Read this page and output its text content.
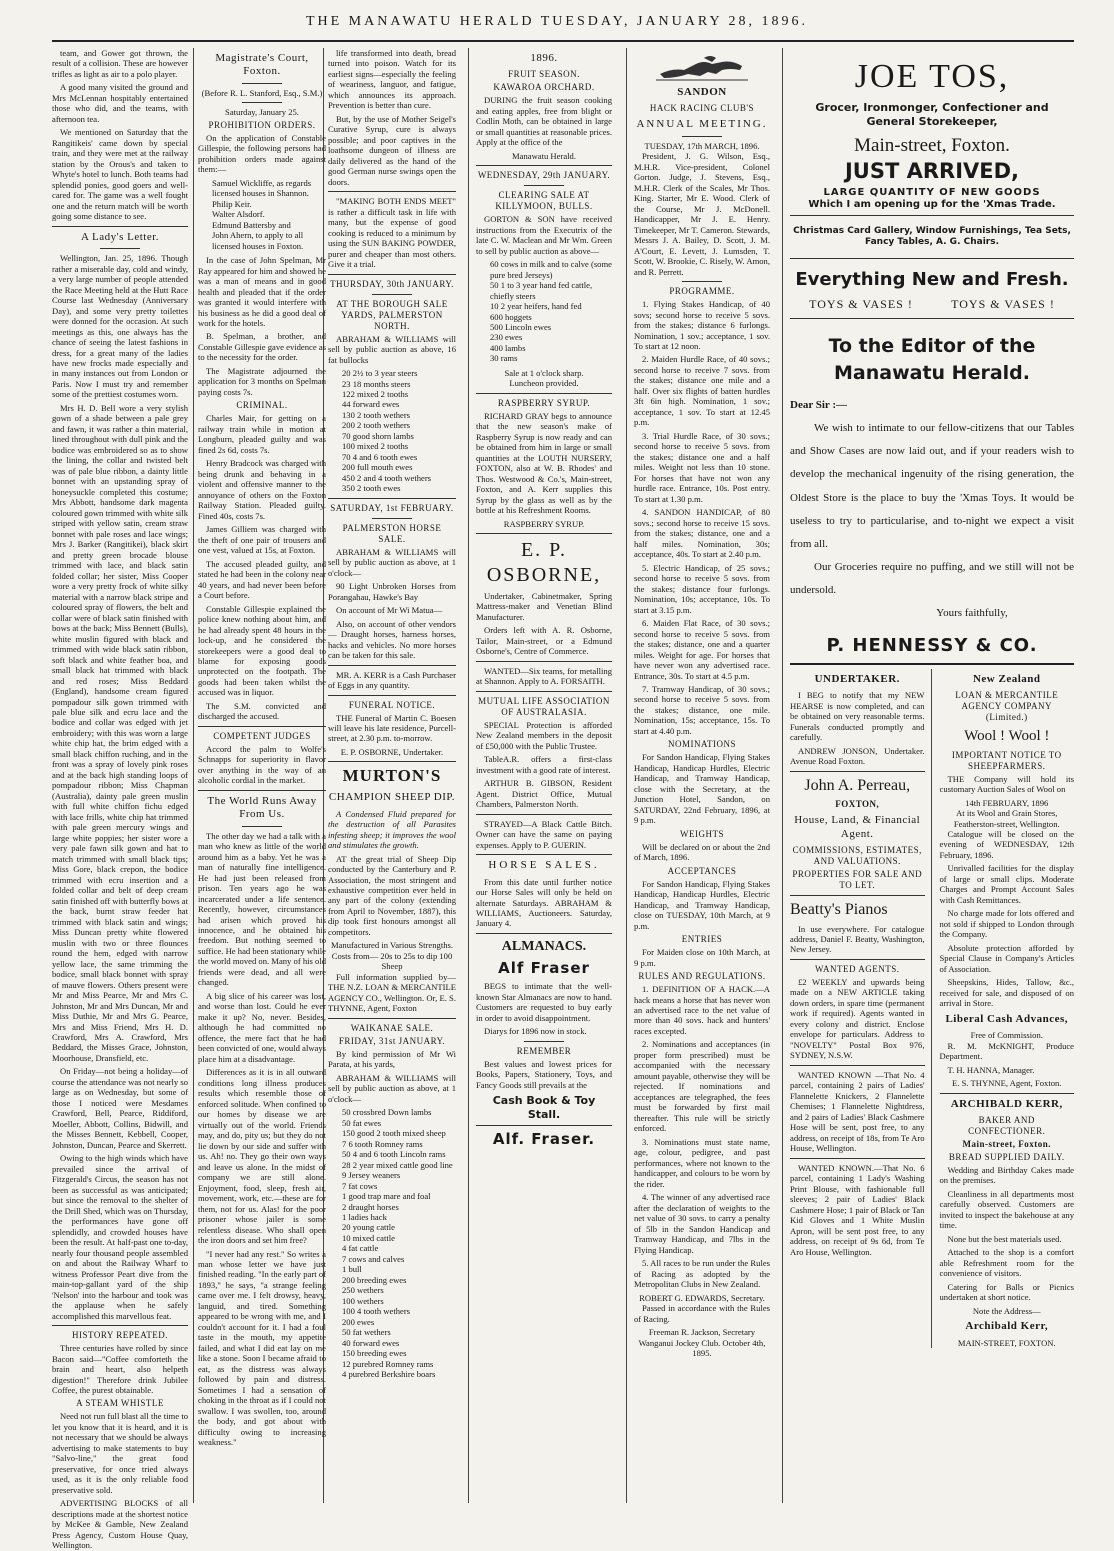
THE MANAWATU HERALD TUESDAY, JANUARY 28, 1896.

team, and Gower got thrown, the result of a collision. These are however trifles as light as air to a polo player.

A good many visited the ground and Mrs McLennan hospitably entertained those who did, and the teams, with afternoon tea.

We mentioned on Saturday that the Rangitikeis' came down by special train, and they were met at the railway station by the Orous's and taken to Whyte's hotel to lunch. Both teams had splendid ponies, good goers and well-cared for. The game was a well fought one and the return match will be worth going some distance to see.

A Lady's Letter.

Wellington, Jan. 25, 1896. Though rather a miserable day, cold and windy, a very large number of people attended the Race Meeting held at the Hutt Race Course last Wednesday (Anniversary Day), and some very pretty toilettes were donned for the occasion. At such meetings as this, one always has the chance of seeing the latest fashions in dress, for a great many of the ladies have new frocks made especially and in many instances out from London or Paris. Now I must try and remember some of the prettiest costumes worn.

Mrs H. D. Bell wore a very stylish gown of a shade between a pale grey and fawn, it was rather a thin material, lined throughout with dull pink and the bodice was embroidered so as to show the lining, the collar and twisted belt was of pale blue ribbon, a dainty little bonnet with an upstanding spray of honeysuckle completed this costume; Mrs Abbott, handsome dark magenta coloured gown trimmed with white silk striped with yellow satin, cream straw bonnet with pale roses and lace wings; Mrs J. Barker (Rangitikei), black skirt and pretty green brocade blouse trimmed with lace, and black satin folded collar; her sister, Miss Cooper wore a very pretty frock of white silky material with a narrow black stripe and coloured spray of flowers, the belt and collar were of black satin finished with bows at the back; Miss Bennett (Bulls), white muslin figured with black and trimmed with wide black satin ribbon, soft black and white feather boa, and small black hat trimmed with black and red roses; Miss Beddard (England), handsome cream figured pompadour silk gown trimmed with pale blue silk and ecru lace and the bodice and collar was edged with jet embroidery; with this was worn a large white chip hat, the brim edged with a small black chiffon ruching, and in the front was a spray of lovely pink roses and at the back high standing loops of pompadour ribbon; Miss Chapman (Australia), dainty pale green muslin with full white chiffon fichu edged with lace frills, white chip hat trimmed with pale green mercury wings and large white poppies; her sister wore a very pale fawn silk gown and hat to match trimmed with small black tips; Miss Gore, black crepon, the bodice trimmed with ecru insertion and a folded collar and belt of deep cream satin finished off with butterfly bows at the back, burnt straw feeder hat trimmed with black satin and wings; Miss Duncan pretty white flowered muslin with two or three flounces round the hem, edged with narrow yellow lace, the same trimming the bodice, small black bonnet with spray of mauve flowers. Others present were Mr and Miss Pearce, Mr and Mrs C. Johnston, Mr and Mrs Duncan, Mr and Miss Duthie, Mr and Mrs G. Pearce, Mrs and Miss Friend, Mrs H. D. Crawford, Mrs A. Crawford, Mrs Beddard, the Misses Grace, Johnston, Moorhouse, Dransfield, etc.

On Friday—not being a holiday—of course the attendance was not nearly so large as on Wednesday, but some of those I noticed were Mesdames Crawford, Bell, Pearce, Riddiford, Moeller, Abbott, Collins, Bidwill, and the Misses Bennett, Kebbell, Cooper, Johnston, Duncan, Pearce and Skerrett.

Owing to the high winds which have prevailed since the arrival of Fitzgerald's Circus, the season has not been as successful as was anticipated; but since the removal to the shelter of the Drill Shed, which was on Thursday, the performances have gone off splendidly, and crowded houses have been the result. At half-past one to-day, nearly four thousand people assembled on and about the Railway Wharf to witness Professor Peart dive from the main-top-gallant yard of the ship 'Nelson' into the harbour and took was the applause when he safely accomplished this marvellous feat.

HISTORY REPEATED.

Three centuries have rolled by since Bacon said—"Coffee comforteth the brain and heart, also helpeth digestion!" Therefore drink Jubilee Coffee, the purest obtainable.

A STEAM WHISTLE

Need not run full blast all the time to let you know that it is heard, and it is not necessary that we should be always advertising to make statements to buy "Salvo-line," the great food preservative, for once tried always used, as it is the only reliable food preservative sold.

ADVERTISING BLOCKS of all descriptions made at the shortest notice by McKee & Gamble, New Zealand Press Agency, Custom House Quay, Wellington.

Magistrate's Court, Foxton.
(Before R. L. Stanford, Esq., S.M.)
Saturday, January 25.
PROHIBITION ORDERS.

On the application of Constable Gillespie, the following persons had prohibition orders made against them:—

Samuel Wickliffe, as regards licensed houses in Shannon.
Philip Keir.
Walter Alsdorf.
Edmund Battersby and
John Ahern, to apply to all licensed houses in Foxton.

In the case of John Spelman, Mr Ray appeared for him and showed he was a man of means and in good health and pleaded that if the order was granted it would interfere with his business as he did a good deal of work for the hotels.

B. Spelman, a brother, and Constable Gillespie gave evidence as to the necessity for the order.

The Magistrate adjourned the application for 3 months on Spelman paying costs 7s.

CRIMINAL.

Charles Mair, for getting on a railway train while in motion at Longburn, pleaded guilty and was fined 2s 6d, costs 7s.

Henry Bradcock was charged with being drunk and behaving in a violent and offensive manner to the annoyance of others on the Foxton Railway Station. Pleaded guilty. Fined 40s, costs 7s.

James Gilliem was charged with the theft of one pair of trousers and one vest, valued at 15s, at Foxton.

The accused pleaded guilty, and stated he had been in the colony near 40 years, and had never been before a Court before.

Constable Gillespie explained the police knew nothing about him, and he had already spent 48 hours in the lock-up, and he considered the storekeepers were a good deal to blame for exposing goods unprotected on the footpath. The goods had been taken whilst the accused was in liquor.

The S.M. convicted and discharged the accused.

COMPETENT JUDGES

Accord the palm to Wolfe's Schnapps for superiority in flavor over anything in the way of an alcoholic cordial in the market.

The World Runs Away From Us.

The other day we had a talk with a man who knew as little of the world around him as a baby. Yet he was a man of naturally fine intelligence. He had just been released from prison. Ten years ago he was incarcerated under a life sentence. Recently, however, circumstances had arisen which proved his innocence, and he obtained his freedom. But nothing seemed to suffice. He had been stationary while the world moved on. Many of his old friends were dead, and all were changed.

A big slice of his career was lost, and worse than lost. Could he ever make it up? No, never. Besides, although he had committed no offence, the mere fact that he had been convicted of one, would always place him at a disadvantage.

Differences as it is in all outward conditions long illness produces results which resemble those of enforced solitude. When confined to our homes by disease we are virtually out of the world. Friends may, and do, pity us; but they do not lie down by our side and suffer with us. Ah! no. They go their own ways and leave us alone. In the midst of company we are still alone. Enjoyment, food, sleep, fresh air, movement, work, etc.—these are for them, not for us. Alas! for the poor prisoner whose jailer is some relentless disease. Who shall open the iron doors and set him free?

"I never had any rest." So writes a man whose letter we have just finished reading. "In the early part of 1893," he says, "a strange feeling came over me. I felt drowsy, heavy, languid, and tired. Something appeared to be wrong with me, and I couldn't account for it. I had a foul taste in the mouth, my appetite failed, and what I did eat lay on me like a stone. Soon I became afraid to eat, as the distress was always followed by pain and distress. Sometimes I had a sensation of choking in the throat as if I could not swallow. I was swollen, too, around the body, and got about with difficulty owing to increasing weakness."

life transformed into death, bread turned into poison. Watch for its earliest signs—especially the feeling of weariness, languor, and fatigue, which announces its approach. Prevention is better than cure.

But, by the use of Mother Seigel's Curative Syrup, cure is always possible; and poor captives in the loathsome dungeon of illness are daily delivered as the hand of the good German nurse swings open the doors.

"MAKING BOTH ENDS MEET" is rather a difficult task in life with many, but the expense of good cooking is reduced to a minimum by using the SUN BAKING POWDER, purer and cheaper than most others. Give it a trial.

THURSDAY, 30th JANUARY.
AT THE BOROUGH SALE YARDS, PALMERSTON NORTH.

ABRAHAM & WILLIAMS will sell by public auction as above, 16 fat bullocks

20 2½ to 3 year steers
23 18 months steers
122 mixed 2 tooths
44 forward ewes
130 2 tooth wethers
200 2 tooth wethers
70 good shorn lambs
100 mixed 2 tooths
70 4 and 6 tooth ewes
200 full mouth ewes
450 2 and 4 tooth wethers
350 2 tooth ewes
SATURDAY, 1st FEBRUARY.
PALMERSTON HORSE SALE.

ABRAHAM & WILLIAMS will sell by public auction as above, at 1 o'clock—

90 Light Unbroken Horses from Porangahau, Hawke's Bay

On account of Mr Wi Matua—

Also, on account of other vendors— Draught horses, harness horses, hacks and vehicles. No more horses can be taken for this sale.

MR. A. KERR is a Cash Purchaser of Eggs in any quantity.

FUNERAL NOTICE.

THE Funeral of Martin C. Boesen will leave his late residence, Purcell-street, at 2.30 p.m. to-morrow.

E. P. OSBORNE, Undertaker.
MURTON'S
CHAMPION SHEEP DIP.

A Condensed Fluid prepared for the destruction of all Parasites infesting sheep; it improves the wool and stimulates the growth.

AT the great trial of Sheep Dip conducted by the Canterbury and P. Association, the most stringent and exhaustive competition ever held in any part of the colony (extending from April to November, 1887), this dip took first honours amongst all competitors.

Manufactured in Various Strengths.
Costs from— 20s to 25s to dip 100 Sheep

Full information supplied by— THE N.Z. LOAN & MERCANTILE AGENCY CO., Wellington. Or, E. S. THYNNE, Agent, Foxton

WAIKANAE SALE.
FRIDAY, 31st JANUARY.

By kind permission of Mr Wi Parata, at his yards,

ABRAHAM & WILLIAMS will sell by public auction as above, at 1 o'clock—

50 crossbred Down lambs
50 fat ewes
150 good 2 tooth mixed sheep
7 6 tooth Romney rams
50 4 and 6 tooth Lincoln rams
28 2 year mixed cattle good line
9 Jersey weaners
7 fat cows
1 good trap mare and foal
2 draught horses
1 ladies hack
20 young cattle
10 mixed cattle
4 fat cattle
7 cows and calves
1 bull
200 breeding ewes
250 wethers
100 wethers
100 4 tooth wethers
200 ewes
50 fat wethers
40 forward ewes
150 breeding ewes
12 purebred Romney rams
4 purebred Berkshire boars
1896.
FRUIT SEASON.
KAWAROA ORCHARD.

DURING the fruit season cooking and eating apples, free from blight or Codlin Moth, can be obtained in large or small quantities at reasonable prices. Apply at the office of the

Manawatu Herald.
WEDNESDAY, 29th JANUARY.
CLEARING SALE AT KILLYMOON, BULLS.

GORTON & SON have received instructions from the Executrix of the late C. W. Maclean and Mr Wm. Green to sell by public auction as above—

60 cows in milk and to calve (some pure bred Jerseys)
50 1 to 3 year hand fed cattle, chiefly steers
10 2 year heifers, hand fed
600 hoggets
500 Lincoln ewes
230 ewes
400 lambs
30 rams
Sale at 1 o'clock sharp.
Luncheon provided.
RASPBERRY SYRUP.

RICHARD GRAY begs to announce that the new season's make of Raspberry Syrup is now ready and can be obtained from him in large or small quantities at the LOUTH NURSERY, FOXTON, also at W. B. Rhodes' and Thos. Westwood & Co.'s, Main-street, Foxton, and A. Kerr supplies this Syrup by the glass as well as by the bottle at his Refreshment Rooms.

RASPBERRY SYRUP.
E. P. OSBORNE,

Undertaker, Cabinetmaker, Spring Mattress-maker and Venetian Blind Manufacturer.

Orders left with A. R. Osborne, Tailor, Main-street, or a Edmund Osborne's, Centre of Commerce.

WANTED—Six teams, for metalling at Shannon. Apply to A. FORSAITH.

MUTUAL LIFE ASSOCIATION OF AUSTRALASIA.

SPECIAL Protection is afforded New Zealand members in the deposit of £50,000 with the Public Trustee.

TableA.R. offers a first-class investment with a good rate of interest.

ARTHUR B. GIBSON, Resident Agent. District Office, Mutual Chambers, Palmerston North.

STRAYED—A Black Cattle Bitch. Owner can have the same on paying expenses. Apply to P. GUERIN.

HORSE SALES.

From this date until further notice our Horse Sales will only be held on alternate Saturdays. ABRAHAM & WILLIAMS, Auctioneers. Saturday, January 4.

ALMANACS.
Alf Fraser

BEGS to intimate that the well-known Star Almanacs are now to hand. Customers are requested to buy early in order to avoid disappointment.

Diarys for 1896 now in stock.

REMEMBER

Best values and lowest prices for Books, Papers, Stationery, Toys, and Fancy Goods still prevails at the

Cash Book & Toy Stall.
Alf. Fraser.
SANDON
HACK RACING CLUB'S
ANNUAL MEETING.
TUESDAY, 17th MARCH, 1896.

President, J. G. Wilson, Esq., M.H.R. Vice-president, Colonel Gorton. Judge, J. Stevens, Esq., M.H.R. Clerk of the Scales, Mr Thos. King. Starter, Mr E. Wood. Clerk of the Course, Mr J. McDonell. Handicapper, Mr J. E. Henry. Timekeeper, Mr T. Cameron. Stewards, Messrs J. A. Bailey, D. Scott, J. M. A'Court, E. Levett, J. Lumsden, T. Scott, W. Brookie, C. Risely, W. Amon, and R. Perrett.

PROGRAMME.

1. Flying Stakes Handicap, of 40 sovs; second horse to receive 5 sovs. from the stakes; distance 6 furlongs. Nomination, 1 sov.; acceptance, 1 sov. To start at 12 noon.

2. Maiden Hurdle Race, of 40 sovs.; second horse to receive 7 sovs. from the stakes; distance one mile and a half. Over six flights of batten hurdles 3ft 6in high. Nomination, 1 sov.; acceptance, 1 sov. To start at 12.45 p.m.

3. Trial Hurdle Race, of 30 sovs.; second horse to receive 5 sovs. from the stakes; distance one and a half miles. Weight not less than 10 stone. For horses that have not won any hurdle race. Entrance, 10s. Post entry. To start at 1.30 p.m.

4. SANDON HANDICAP, of 80 sovs.; second horse to receive 15 sovs. from the stakes; distance, one and a half miles. Nomination, 30s; acceptance, 40s. To start at 2.40 p.m.

5. Electric Handicap, of 25 sovs.; second horse to receive 5 sovs. from the stakes; distance four furlongs. Nomination, 10s; acceptance, 10s. To start at 3.15 p.m.

6. Maiden Flat Race, of 30 sovs.; second horse to receive 5 sovs. from the stakes; distance, one and a quarter miles. Weight for age. For horses that have never won any advertised race. Entrance, 30s. To start at 4.5 p.m.

7. Tramway Handicap, of 30 sovs.; second horse to receive 5 sovs. from the stakes; distance, one mile. Nomination, 15s; acceptance, 15s. To start at 4.40 p.m.

NOMINATIONS

For Sandon Handicap, Flying Stakes Handicap, Handicap Hurdles, Electric Handicap, and Tramway Handicap, close with the Secretary, at the Junction Hotel, Sandon, on SATURDAY, 22nd February, 1896, at 9 p.m.

WEIGHTS

Will be declared on or about the 2nd of March, 1896.

ACCEPTANCES

For Sandon Handicap, Flying Stakes Handicap, Handicap Hurdles, Electric Handicap, and Tramway Handicap, close on TUESDAY, 10th March, at 9 p.m.

ENTRIES

For Maiden close on 10th March, at 9 p.m.

RULES AND REGULATIONS.

1. DEFINITION OF A HACK.—A hack means a horse that has never won an advertised race to the net value of more than 40 sovs. hack and hunters' races excepted.

2. Nominations and acceptances (in proper form prescribed) must be accompanied with the necessary amount payable, otherwise they will be rejected. If nominations and acceptances are telegraphed, the fees must be forwarded by first mail thereafter. This rule will be strictly enforced.

3. Nominations must state name, age, colour, pedigree, and past performances, where not known to the handicapper, and colours to be worn by the rider.

4. The winner of any advertised race after the declaration of weights to the net value of 30 sovs. to carry a penalty of 5lb in the Sandon Handicap and Tramway Handicap, and 7lbs in the Flying Handicap.

5. All races to be run under the Rules of Racing as adopted by the Metropolitan Clubs in New Zealand.

ROBERT G. EDWARDS, Secretary.

Passed in accordance with the Rules of Racing.

Freeman R. Jackson, Secretary Wanganui Jockey Club. October 4th, 1895.
JOE TOS,
Grocer, Ironmonger, Confectioner and General Storekeeper,
Main-street, Foxton.
JUST ARRIVED,
LARGE QUANTITY OF NEW GOODS
Which I am opening up for the 'Xmas Trade.
Christmas Card Gallery, Window Furnishings, Tea Sets, Fancy Tables, A. G. Chairs.
Everything New and Fresh.
TOYS & VASES !	TOYS & VASES !
To the Editor of the Manawatu Herald.
Dear Sir :—

We wish to intimate to our fellow-citizens that our Tables and Show Cases are now laid out, and if your readers wish to develop the mechanical ingenuity of the rising generation, the Oldest Store is the place to buy the 'Xmas Toys. It would be useless to try to particularise, and to-night we expect a visit from all.

Our Groceries require no puffing, and we still will not be undersold.

Yours faithfully,
P. HENNESSY & CO.
UNDERTAKER.

I BEG to notify that my NEW HEARSE is now completed, and can be obtained on very reasonable terms. Funerals conducted promptly and carefully.

ANDREW JONSON, Undertaker. Avenue Road Foxton.

John A. Perreau,
FOXTON,
House, Land, & Financial Agent.
COMMISSIONS, ESTIMATES, AND VALUATIONS.
PROPERTIES FOR SALE AND TO LET.
Beatty's Pianos

In use everywhere. For catalogue address, Daniel F. Beatty, Washington, New Jersey.

WANTED AGENTS.

£2 WEEKLY and upwards being made on a NEW ARTICLE taking down orders, in spare time (permanent work if required). Agents wanted in every colony and district. Enclose envelope for particulars. Address to "NOVELTY" Postal Box 976, SYDNEY, N.S.W.

WANTED KNOWN —That No. 4 parcel, containing 2 pairs of Ladies' Flannelette Knickers, 2 Flannelette Chemises; 1 Flannelette Nightdress, and 2 pairs of Ladies' Black Cashmere Hose will be sent, post free, to any address, on receipt of 18s, from Te Aro House, Wellington.

WANTED KNOWN.—That No. 6 parcel, containing 1 Lady's Washing Print Blouse, with fashionable full sleeves; 2 pair of Ladies' Black Cashmere Hose; 1 pair of Black or Tan Kid Gloves and 1 White Muslin Apron, will be sent post free, to any address, on receipt of 9s 6d, from Te Aro House, Wellington.

New Zealand
LOAN & MERCANTILE AGENCY COMPANY (Limited.)
Wool ! Wool !
IMPORTANT NOTICE TO SHEEPFARMERS.

THE Company will hold its customary Auction Sales of Wool on

14th FEBRUARY, 1896
At its Wool and Grain Stores, Featherston-street, Wellington.

Catalogue will be closed on the evening of WEDNESDAY, 12th February, 1896.

Unrivalled facilities for the display of large or small clips. Moderate Charges and Prompt Account Sales with Cash Remittances.

No charge made for lots offered and not sold if shipped to London through the Company.

Absolute protection afforded by Special Clause in Company's Articles of Association.

Sheepskins, Hides, Tallow, &c., received for sale, and disposed of on arrival in Store.

Liberal Cash Advances,
Free of Commission.

R. M. McKNIGHT, Produce Department.

T. H. HANNA, Manager.

E. S. THYNNE, Agent, Foxton.
ARCHIBALD KERR,
BAKER AND CONFECTIONER.
Main-street, Foxton.
BREAD SUPPLIED DAILY.

Wedding and Birthday Cakes made on the premises.

Cleanliness in all departments most carefully observed. Customers are invited to inspect the bakehouse at any time.

None but the best materials used.

Attached to the shop is a comfort able Refreshment room for the convenience of visitors.

Catering for Balls or Picnics undertaken at short notice.

Note the Address—
Archibald Kerr,
MAIN-STREET, FOXTON.
